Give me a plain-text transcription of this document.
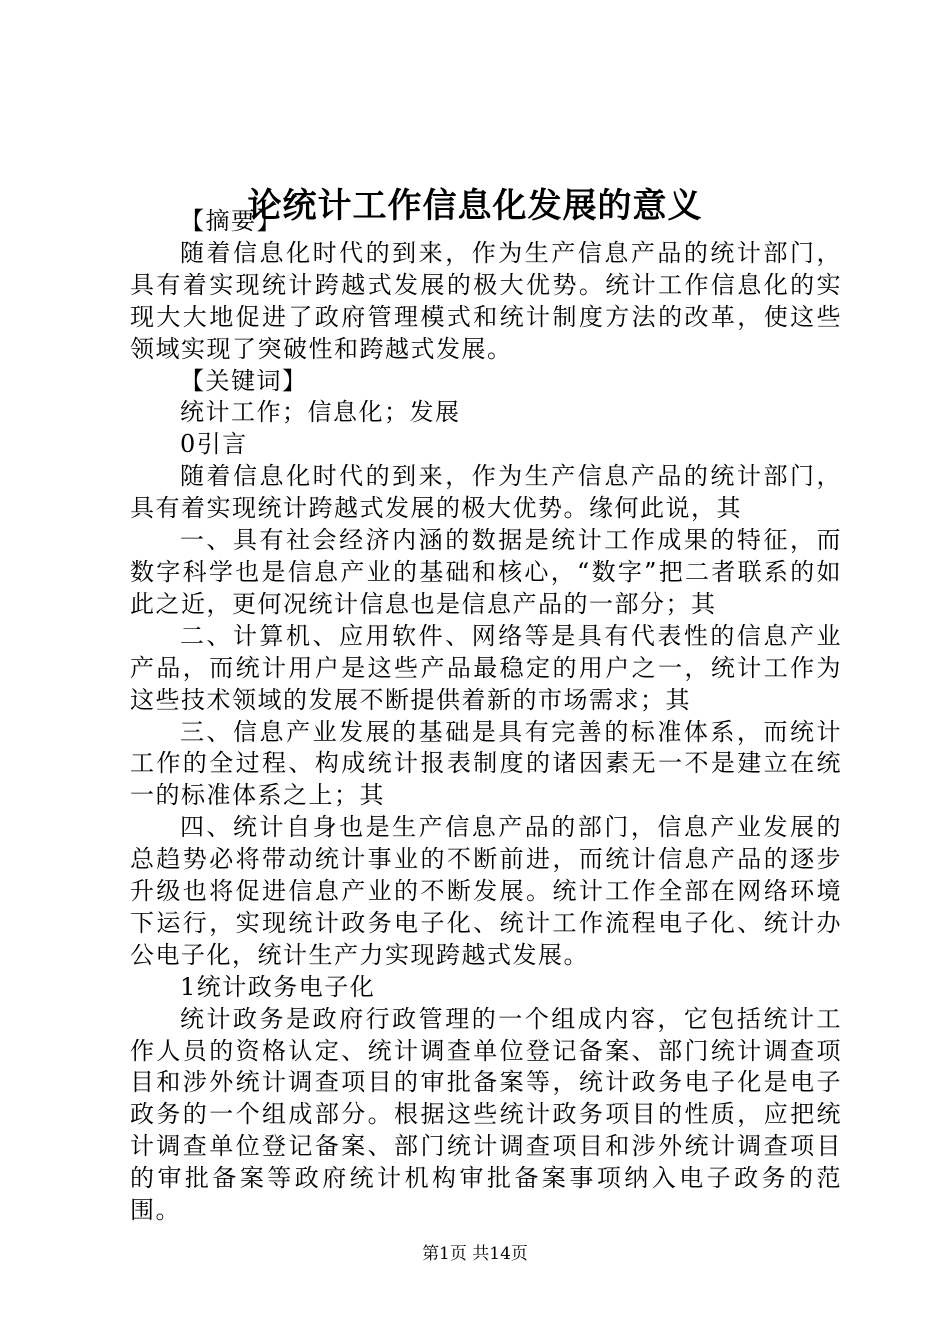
论统计工作信息化发展的意义

【摘要】

随着信息化时代的到来，作为生产信息产品的统计部门，具有着实现统计跨越式发展的极大优势。统计工作信息化的实现大大地促进了政府管理模式和统计制度方法的改革，使这些领域实现了突破性和跨越式发展。

【关键词】

统计工作；信息化；发展

0引言

随着信息化时代的到来，作为生产信息产品的统计部门，具有着实现统计跨越式发展的极大优势。缘何此说，其

一、具有社会经济内涵的数据是统计工作成果的特征，而数字科学也是信息产业的基础和核心，“数字”把二者联系的如此之近，更何况统计信息也是信息产品的一部分；其

二、计算机、应用软件、网络等是具有代表性的信息产业产品，而统计用户是这些产品最稳定的用户之一，统计工作为这些技术领域的发展不断提供着新的市场需求；其

三、信息产业发展的基础是具有完善的标准体系，而统计工作的全过程、构成统计报表制度的诸因素无一不是建立在统一的标准体系之上；其

四、统计自身也是生产信息产品的部门，信息产业发展的总趋势必将带动统计事业的不断前进，而统计信息产品的逐步升级也将促进信息产业的不断发展。统计工作全部在网络环境下运行，实现统计政务电子化、统计工作流程电子化、统计办公电子化，统计生产力实现跨越式发展。

1统计政务电子化

统计政务是政府行政管理的一个组成内容，它包括统计工作人员的资格认定、统计调查单位登记备案、部门统计调查项目和涉外统计调查项目的审批备案等，统计政务电子化是电子政务的一个组成部分。根据这些统计政务项目的性质，应把统计调查单位登记备案、部门统计调查项目和涉外统计调查项目的审批备案等政府统计机构审批备案事项纳入电子政务的范围。

第1页 共14页
